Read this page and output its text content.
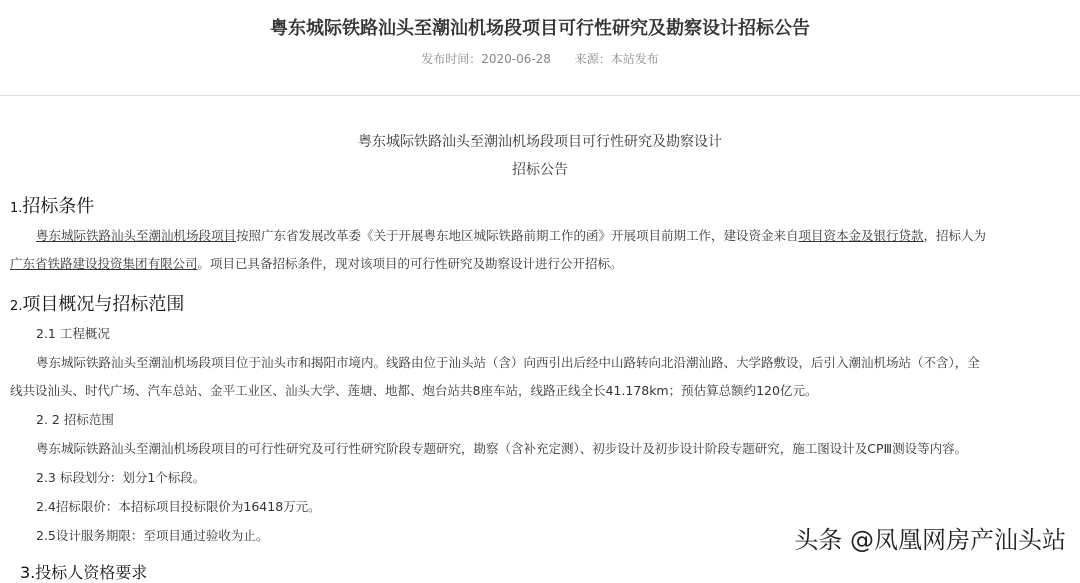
粤东城际铁路汕头至潮汕机场段项目可行性研究及勘察设计招标公告
发布时间：2020-06-28 来源：本站发布
粤东城际铁路汕头至潮汕机场段项目可行性研究及勘察设计
招标公告
1.招标条件
粤东城际铁路汕头至潮汕机场段项目按照广东省发展改革委《关于开展粤东地区城际铁路前期工作的函》开展项目前期工作，建设资金来自项目资本金及银行贷款，招标人为
广东省铁路建设投资集团有限公司。项目已具备招标条件，现对该项目的可行性研究及勘察设计进行公开招标。
2.项目概况与招标范围
2.1 工程概况
粤东城际铁路汕头至潮汕机场段项目位于汕头市和揭阳市境内。线路由位于汕头站（含）向西引出后经中山路转向北沿潮汕路、大学路敷设，后引入潮汕机场站（不含），全
线共设汕头、时代广场、汽车总站、金平工业区、汕头大学、莲塘、地都、炮台站共8座车站，线路正线全长41.178km；预估算总额约120亿元。
2. 2 招标范围
粤东城际铁路汕头至潮汕机场段项目的可行性研究及可行性研究阶段专题研究，勘察（含补充定测）、初步设计及初步设计阶段专题研究，施工图设计及CPⅢ测设等内容。
2.3 标段划分：划分1个标段。
2.4招标限价：本招标项目投标限价为16418万元。
2.5设计服务期限：至项目通过验收为止。
3.投标人资格要求
头条 @凤凰网房产汕头站
